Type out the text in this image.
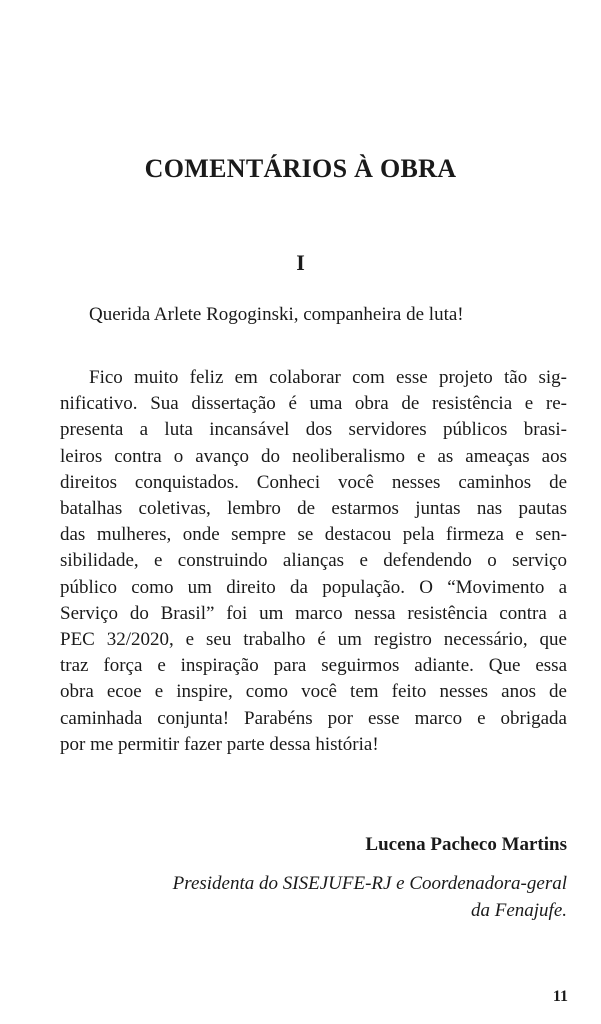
COMENTÁRIOS À OBRA
I

Querida Arlete Rogoginski, companheira de luta!

Fico muito feliz em colaborar com esse projeto tão sig-
nificativo. Sua dissertação é uma obra de resistência e re-
presenta a luta incansável dos servidores públicos brasi-
leiros contra o avanço do neoliberalismo e as ameaças aos
direitos conquistados. Conheci você nesses caminhos de
batalhas coletivas, lembro de estarmos juntas nas pautas
das mulheres, onde sempre se destacou pela firmeza e sen-
sibilidade, e construindo alianças e defendendo o serviço
público como um direito da população. O “Movimento a
Serviço do Brasil” foi um marco nessa resistência contra a
PEC 32/2020, e seu trabalho é um registro necessário, que
traz força e inspiração para seguirmos adiante. Que essa
obra ecoe e inspire, como você tem feito nesses anos de
caminhada conjunta! Parabéns por esse marco e obrigada
por me permitir fazer parte dessa história!

Lucena Pacheco Martins

Presidenta do SISEJUFE-RJ e Coordenadora-geral
da Fenajufe.

11
